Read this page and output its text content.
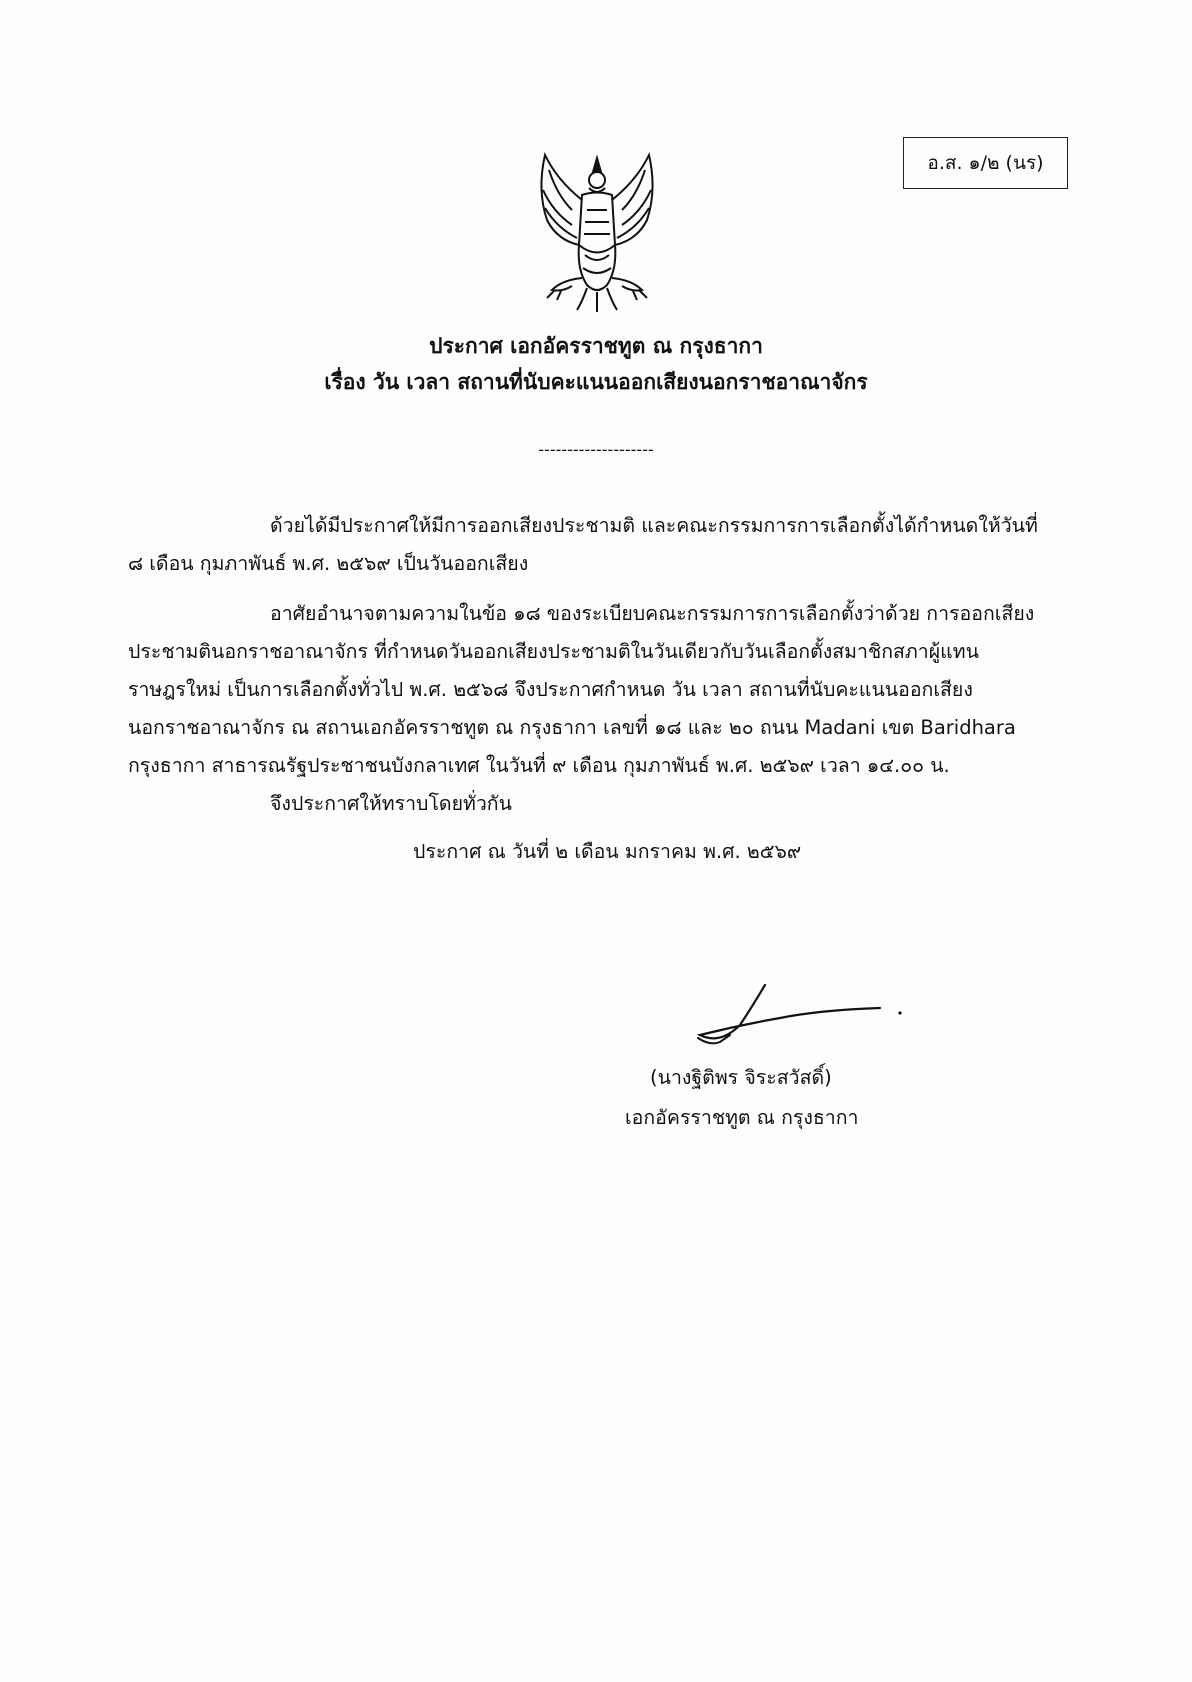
อ.ส. ๑/๒ (นร)
ประกาศ เอกอัครราชทูต ณ กรุงธากา
เรื่อง วัน เวลา สถานที่นับคะแนนออกเสียงนอกราชอาณาจักร
--------------------
ด้วยได้มีประกาศให้มีการออกเสียงประชามติ และคณะกรรมการการเลือกตั้งได้กำหนดให้วันที่
๘ เดือน กุมภาพันธ์ พ.ศ. ๒๕๖๙ เป็นวันออกเสียง
อาศัยอำนาจตามความในข้อ ๑๘ ของระเบียบคณะกรรมการการเลือกตั้งว่าด้วย การออกเสียง
ประชามตินอกราชอาณาจักร ที่กำหนดวันออกเสียงประชามติในวันเดียวกับวันเลือกตั้งสมาชิกสภาผู้แทน
ราษฎรใหม่ เป็นการเลือกตั้งทั่วไป พ.ศ. ๒๕๖๘ จึงประกาศกำหนด วัน เวลา สถานที่นับคะแนนออกเสียง
นอกราชอาณาจักร ณ สถานเอกอัครราชทูต ณ กรุงธากา เลขที่ ๑๘ และ ๒๐ ถนน Madani เขต Baridhara
กรุงธากา สาธารณรัฐประชาชนบังกลาเทศ ในวันที่ ๙ เดือน กุมภาพันธ์ พ.ศ. ๒๕๖๙ เวลา ๑๔.๐๐ น.
จึงประกาศให้ทราบโดยทั่วกัน
ประกาศ ณ วันที่ ๒ เดือน มกราคม พ.ศ. ๒๕๖๙
(นางฐิติพร จิระสวัสดิ์)
เอกอัครราชทูต ณ กรุงธากา
